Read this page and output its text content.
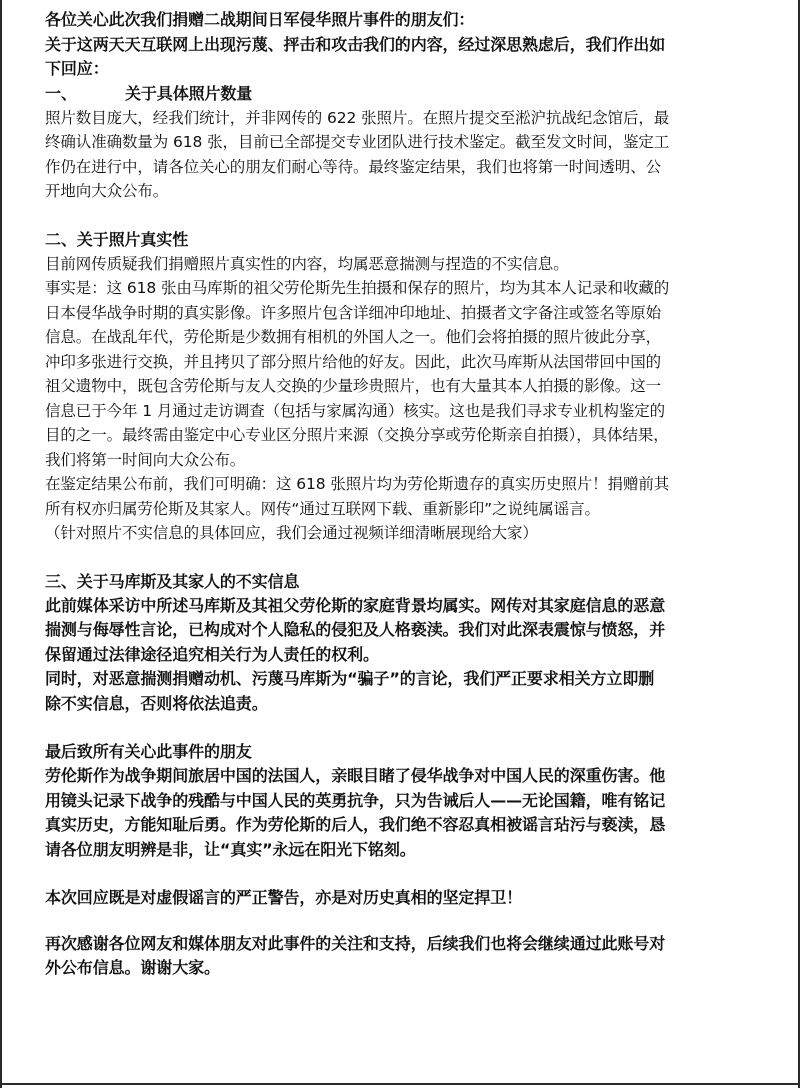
各位关心此次我们捐赠二战期间日军侵华照片事件的朋友们：

关于这两天天互联网上出现污蔑、抨击和攻击我们的内容，经过深思熟虑后，我们作出如

下回应：

一、	关于具体照片数量

照片数目庞大，经我们统计，并非网传的 622 张照片。在照片提交至淞沪抗战纪念馆后，最

终确认准确数量为 618 张，目前已全部提交专业团队进行技术鉴定。截至发文时间，鉴定工

作仍在进行中，请各位关心的朋友们耐心等待。最终鉴定结果，我们也将第一时间透明、公

开地向大众公布。

二、关于照片真实性

目前网传质疑我们捐赠照片真实性的内容，均属恶意揣测与捏造的不实信息。

事实是：这 618 张由马库斯的祖父劳伦斯先生拍摄和保存的照片，均为其本人记录和收藏的

日本侵华战争时期的真实影像。许多照片包含详细冲印地址、拍摄者文字备注或签名等原始

信息。在战乱年代，劳伦斯是少数拥有相机的外国人之一。他们会将拍摄的照片彼此分享，

冲印多张进行交换，并且拷贝了部分照片给他的好友。因此，此次马库斯从法国带回中国的

祖父遗物中，既包含劳伦斯与友人交换的少量珍贵照片，也有大量其本人拍摄的影像。这一

信息已于今年 1 月通过走访调查（包括与家属沟通）核实。这也是我们寻求专业机构鉴定的

目的之一。最终需由鉴定中心专业区分照片来源（交换分享或劳伦斯亲自拍摄），具体结果，

我们将第一时间向大众公布。

在鉴定结果公布前，我们可明确：这 618 张照片均为劳伦斯遗存的真实历史照片！捐赠前其

所有权亦归属劳伦斯及其家人。网传“通过互联网下载、重新影印”之说纯属谣言。

（针对照片不实信息的具体回应，我们会通过视频详细清晰展现给大家）

三、关于马库斯及其家人的不实信息

此前媒体采访中所述马库斯及其祖父劳伦斯的家庭背景均属实。网传对其家庭信息的恶意

揣测与侮辱性言论，已构成对个人隐私的侵犯及人格亵渎。我们对此深表震惊与愤怒，并

保留通过法律途径追究相关行为人责任的权利。

同时，对恶意揣测捐赠动机、污蔑马库斯为“骗子”的言论，我们严正要求相关方立即删

除不实信息，否则将依法追责。

最后致所有关心此事件的朋友

劳伦斯作为战争期间旅居中国的法国人，亲眼目睹了侵华战争对中国人民的深重伤害。他

用镜头记录下战争的残酷与中国人民的英勇抗争，只为告诫后人——无论国籍，唯有铭记

真实历史，方能知耻后勇。作为劳伦斯的后人，我们绝不容忍真相被谣言玷污与亵渎，恳

请各位朋友明辨是非，让“真实”永远在阳光下铭刻。

本次回应既是对虚假谣言的严正警告，亦是对历史真相的坚定捍卫！

再次感谢各位网友和媒体朋友对此事件的关注和支持，后续我们也将会继续通过此账号对

外公布信息。谢谢大家。
